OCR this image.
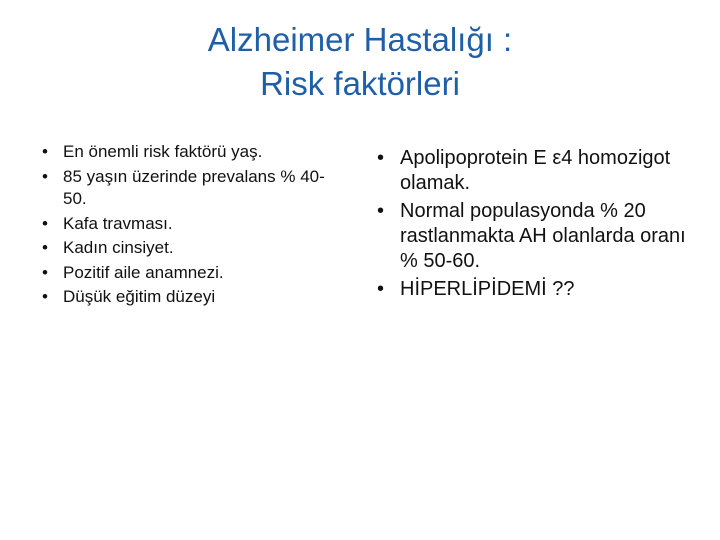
Alzheimer Hastalığı :
Risk faktörleri
• En önemli risk faktörü yaş.
• 85 yaşın üzerinde prevalans % 40-50.
• Kafa travması.
• Kadın cinsiyet.
• Pozitif aile anamnezi.
• Düşük eğitim düzeyi
• Apolipoprotein E ε4 homozigot olamak.
• Normal populasyonda % 20 rastlanmakta AH olanlarda oranı % 50-60.
• HİPERLİPİDEMİ ??
